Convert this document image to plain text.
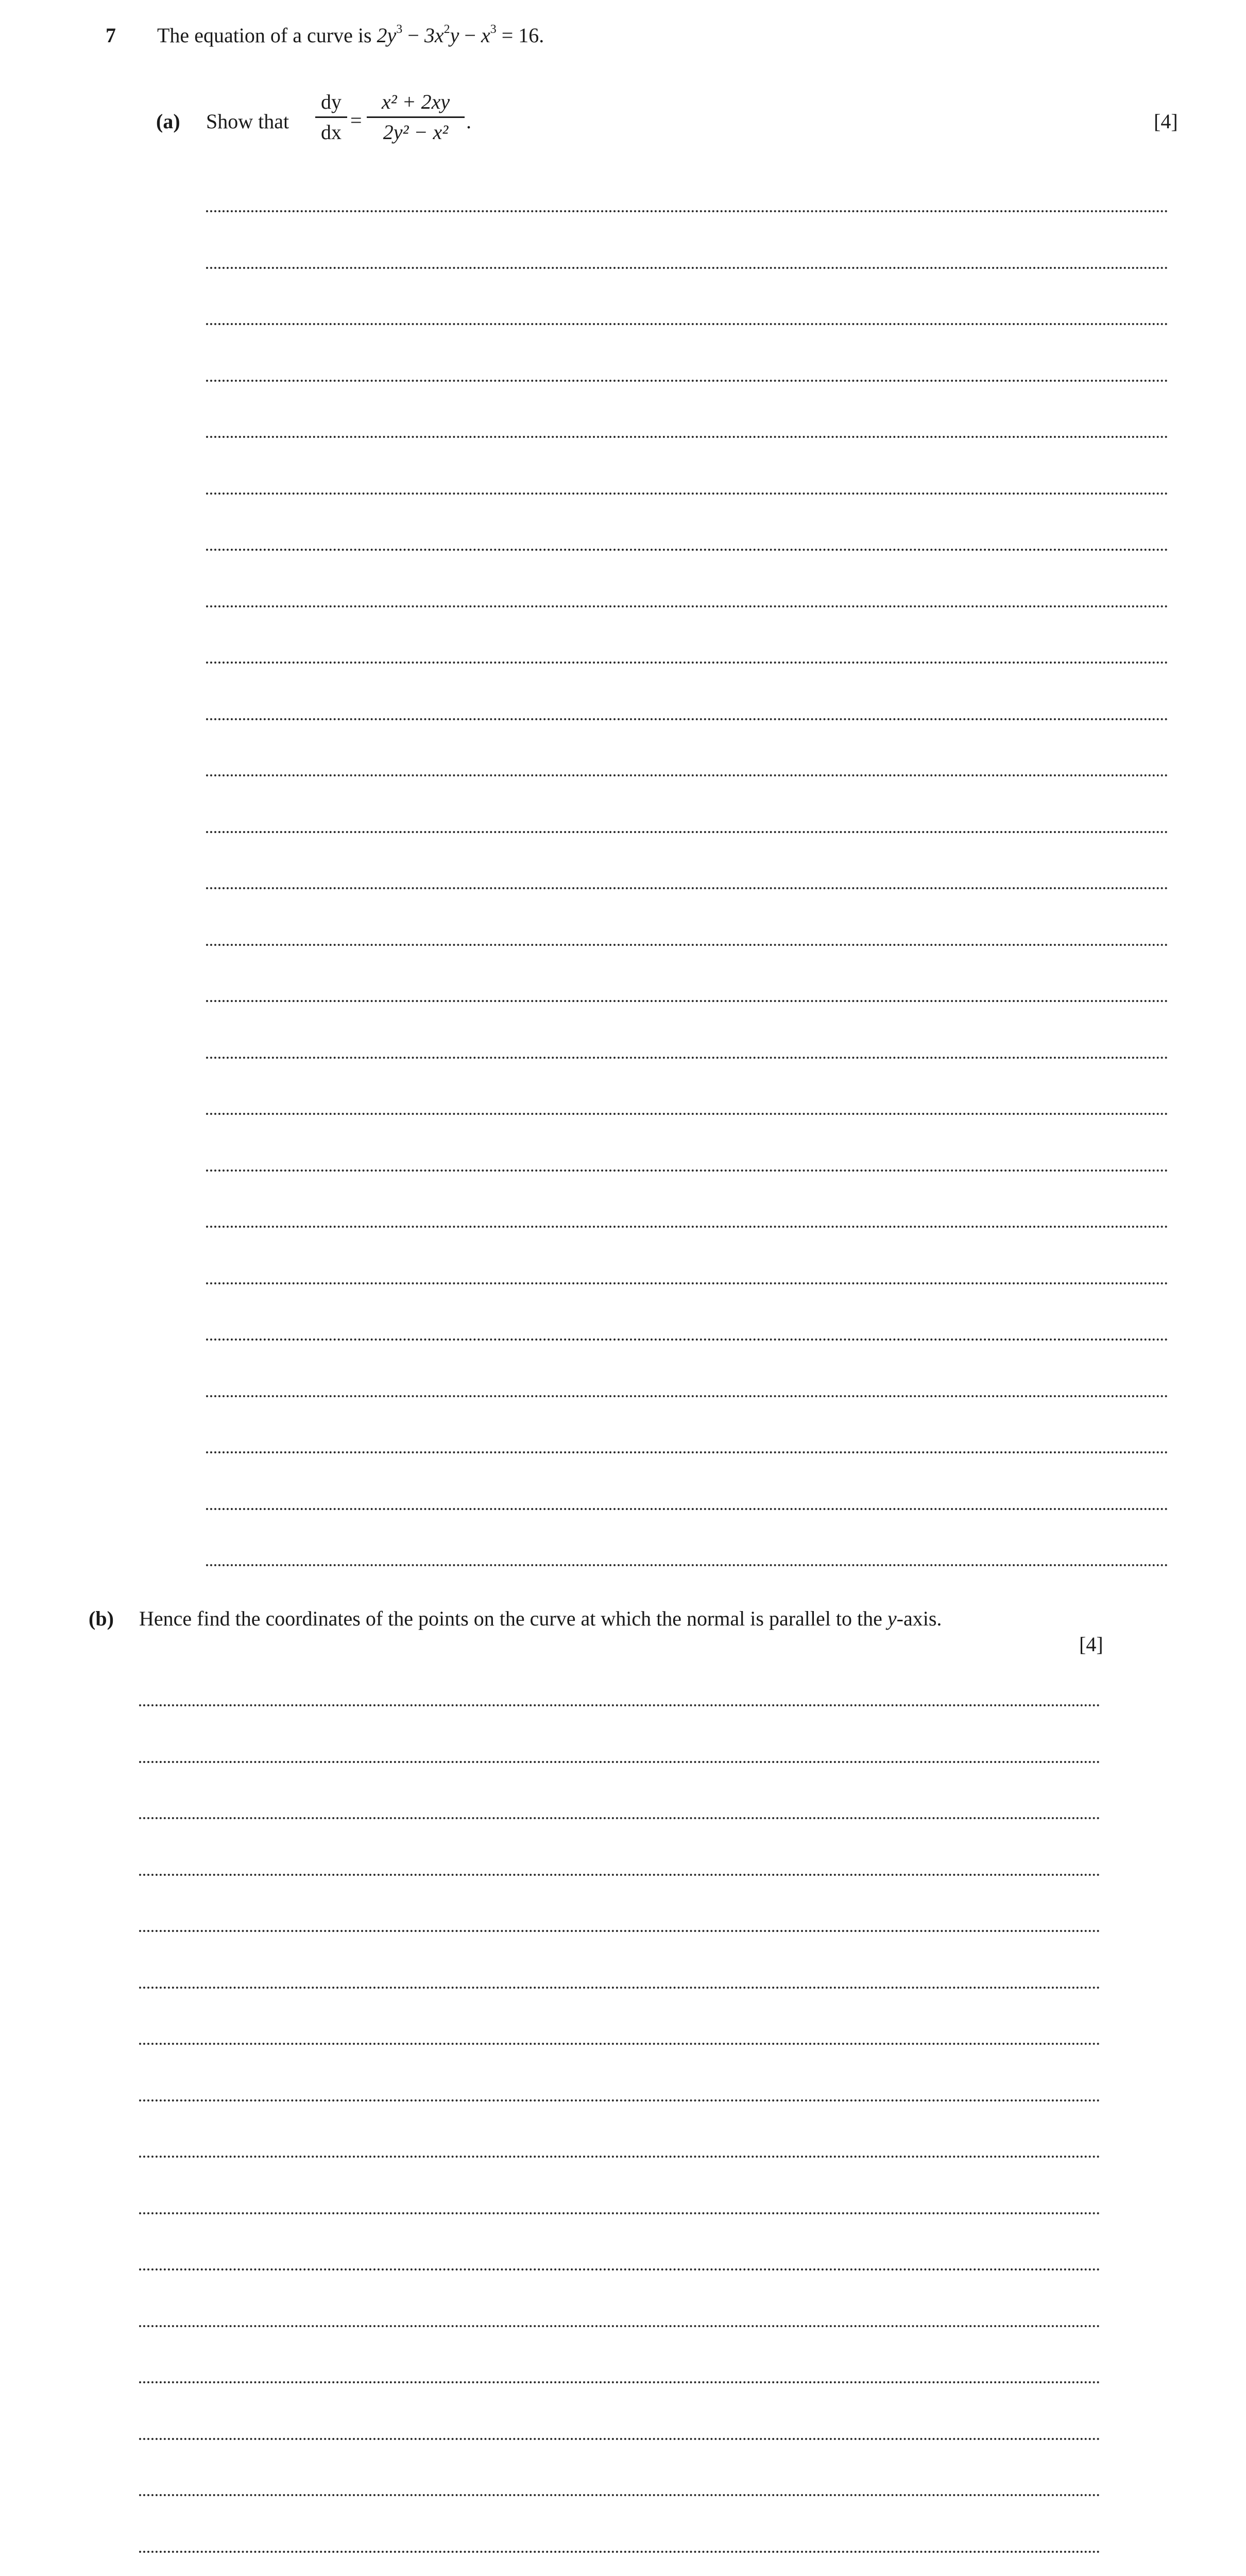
7 The equation of a curve is $2y^3 - 3x^2y - x^3 = 16$.
(a) Show that
dy
dx
=
x² + 2xy
2y² − x² .	[4]
(b) Hence find the coordinates of the points on the curve at which the normal is parallel to the y-axis.
[4]
